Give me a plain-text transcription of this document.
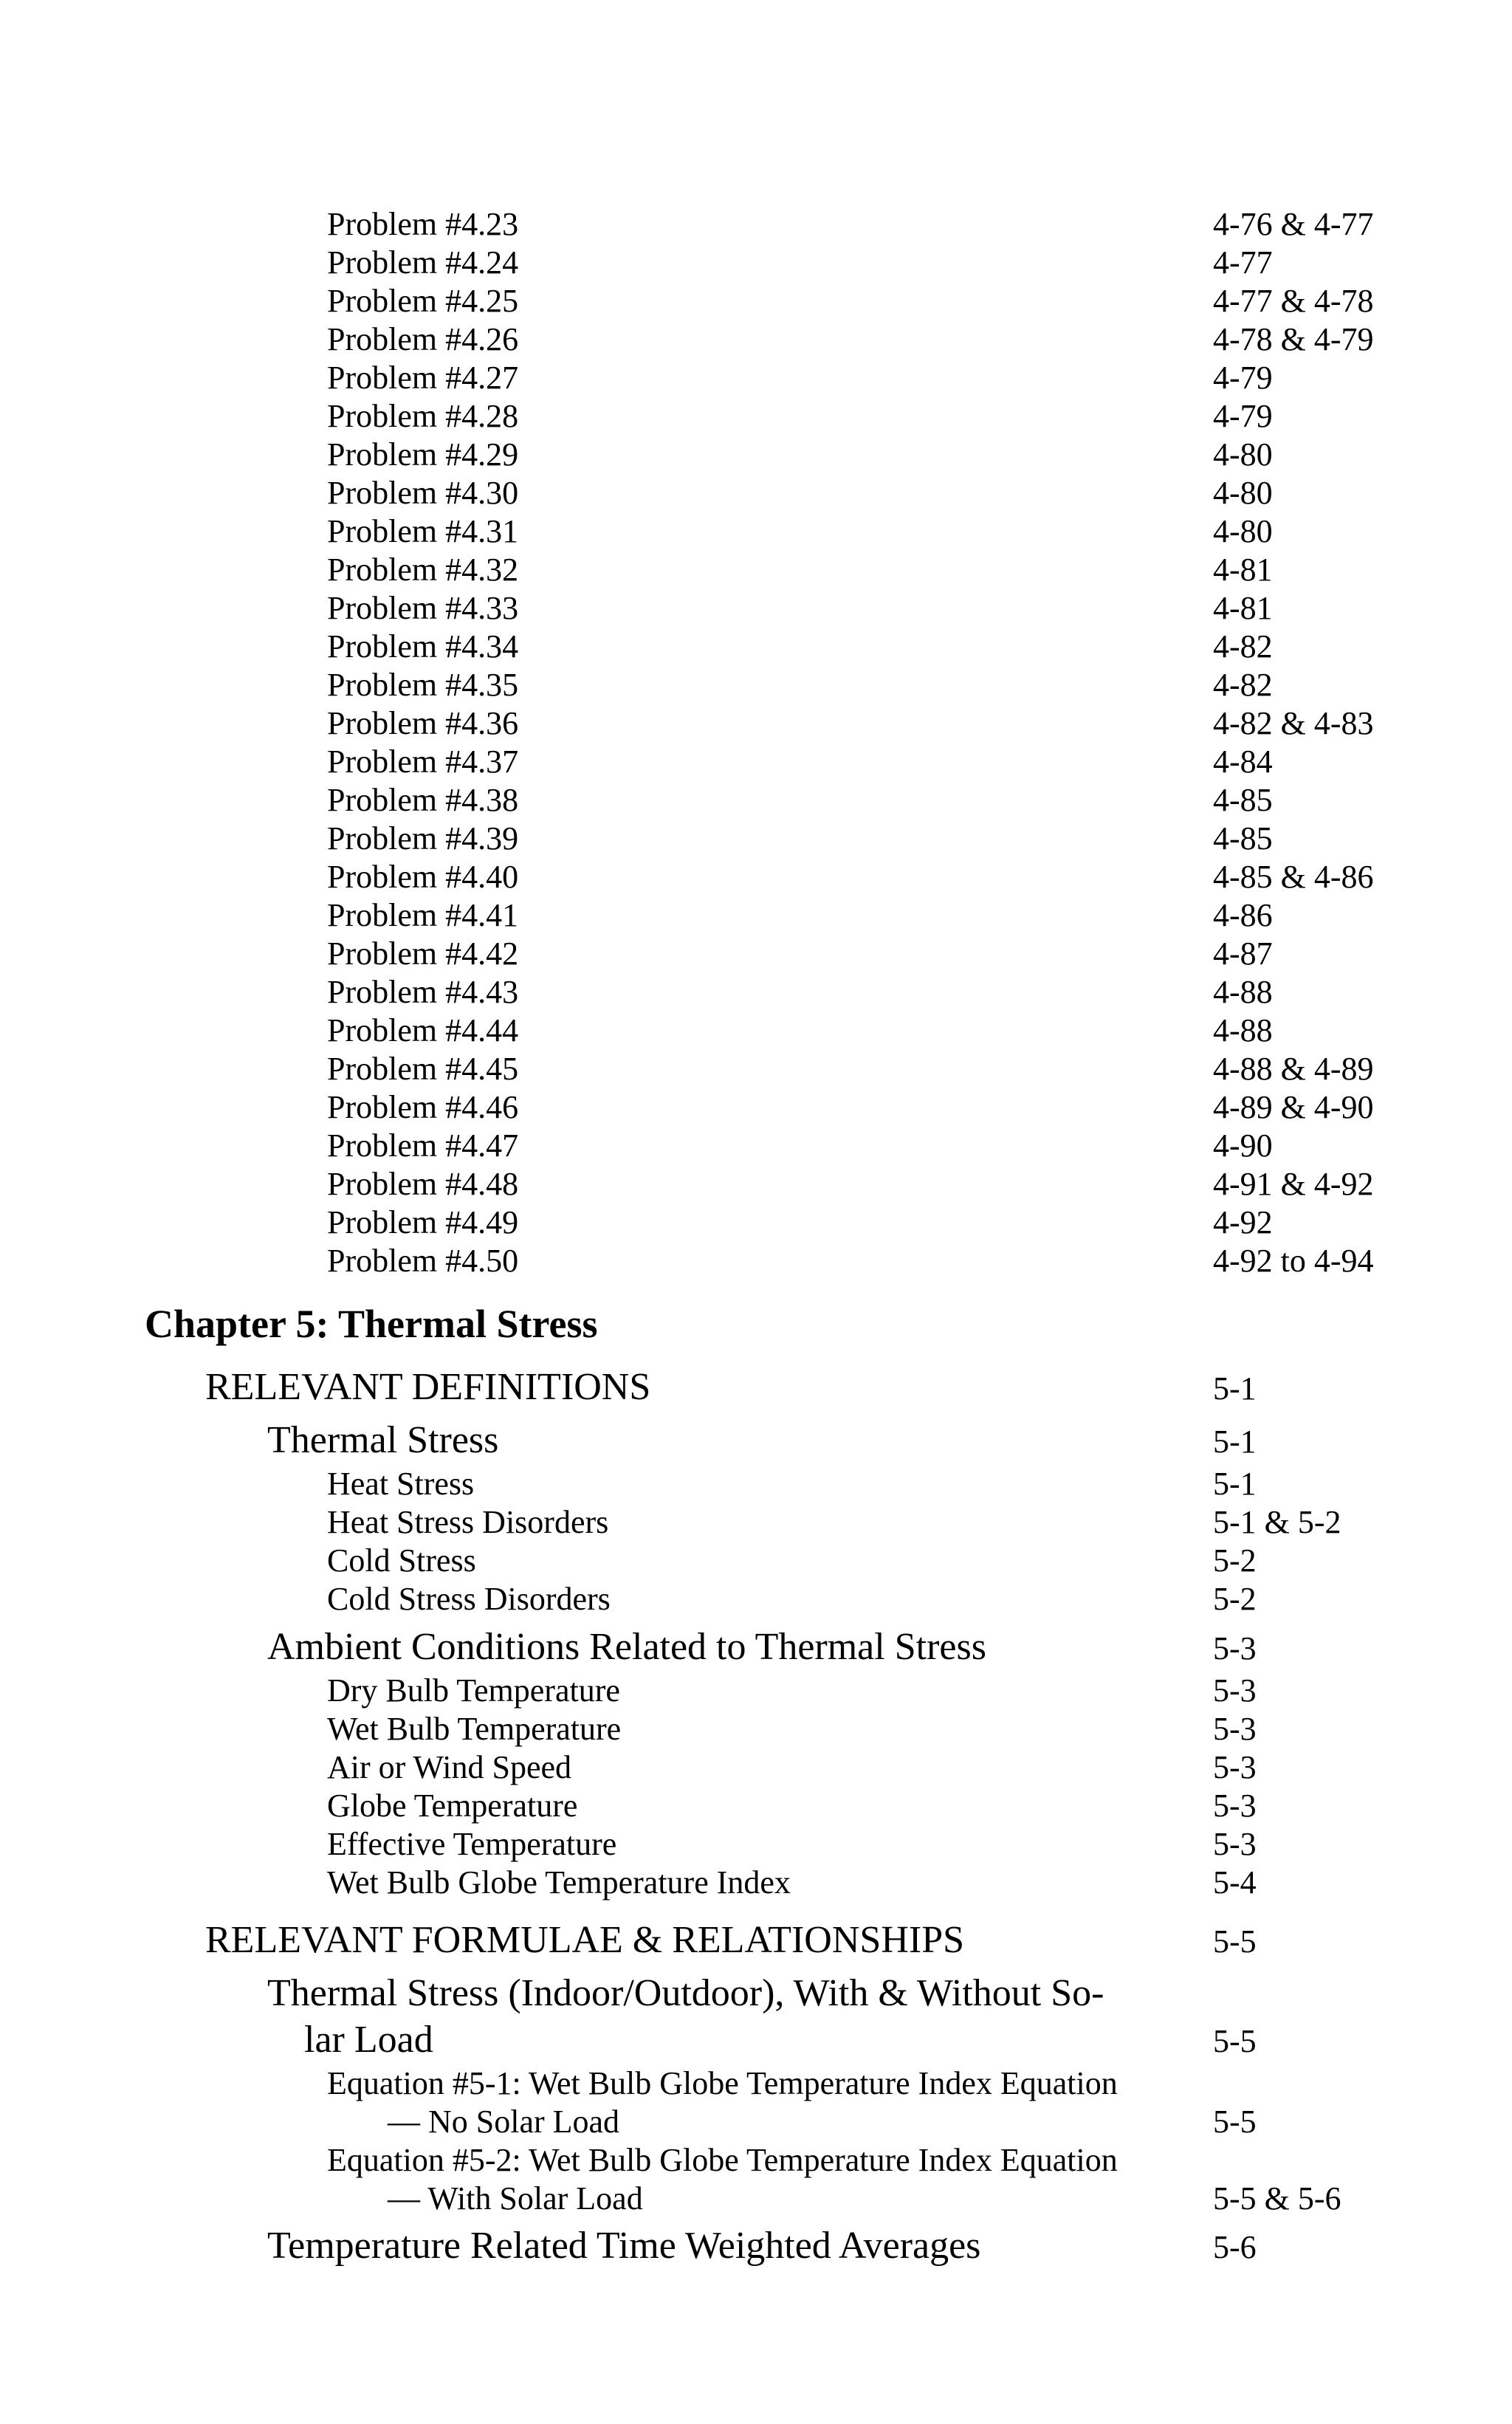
Problem #4.23	4-76 & 4-77
Problem #4.24	4-77
Problem #4.25	4-77 & 4-78
Problem #4.26	4-78 & 4-79
Problem #4.27	4-79
Problem #4.28	4-79
Problem #4.29	4-80
Problem #4.30	4-80
Problem #4.31	4-80
Problem #4.32	4-81
Problem #4.33	4-81
Problem #4.34	4-82
Problem #4.35	4-82
Problem #4.36	4-82 & 4-83
Problem #4.37	4-84
Problem #4.38	4-85
Problem #4.39	4-85
Problem #4.40	4-85 & 4-86
Problem #4.41	4-86
Problem #4.42	4-87
Problem #4.43	4-88
Problem #4.44	4-88
Problem #4.45	4-88 & 4-89
Problem #4.46	4-89 & 4-90
Problem #4.47	4-90
Problem #4.48	4-91 & 4-92
Problem #4.49	4-92
Problem #4.50	4-92 to 4-94
Chapter 5: Thermal Stress
RELEVANT DEFINITIONS	5-1
Thermal Stress	5-1
Heat Stress	5-1
Heat Stress Disorders	5-1 & 5-2
Cold Stress	5-2
Cold Stress Disorders	5-2
Ambient Conditions Related to Thermal Stress	5-3
Dry Bulb Temperature	5-3
Wet Bulb Temperature	5-3
Air or Wind Speed	5-3
Globe Temperature	5-3
Effective Temperature	5-3
Wet Bulb Globe Temperature Index	5-4
RELEVANT FORMULAE & RELATIONSHIPS	5-5
Thermal Stress (Indoor/Outdoor), With & Without So-
lar Load	5-5
Equation #5-1: Wet Bulb Globe Temperature Index Equation
— No Solar Load	5-5
Equation #5-2: Wet Bulb Globe Temperature Index Equation
— With Solar Load	5-5 & 5-6
Temperature Related Time Weighted Averages	5-6
